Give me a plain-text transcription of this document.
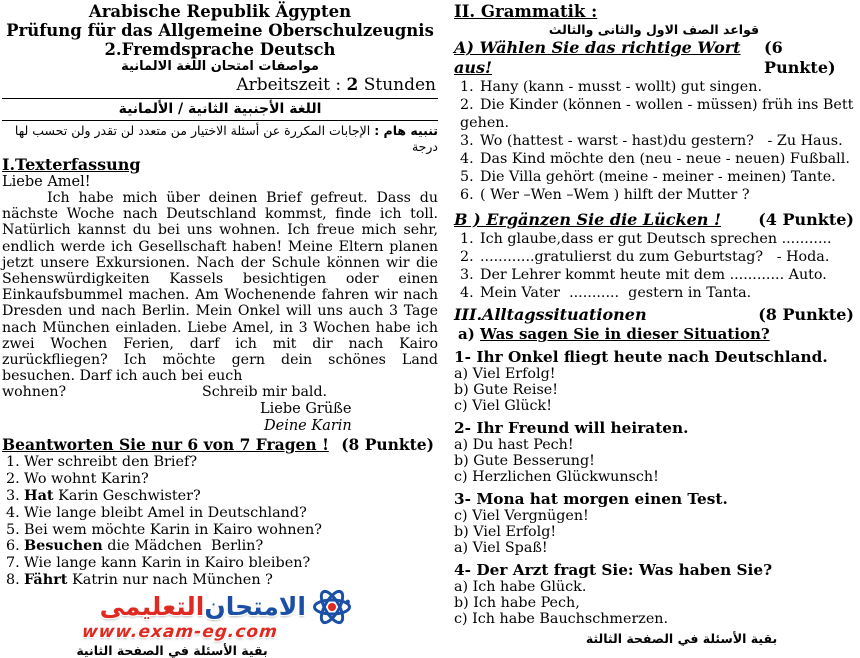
Arabische Republik Ägypten
Prüfung für das Allgemeine Oberschulzeugnis
2.Fremdsprache Deutsch
مواصفات امتحان اللغة الالمانية
Arbeitszeit : 2 Stunden
اللغة الأجنبية الثانية / الألمانية
تنبيه هام : الإجابات المكررة عن أسئلة الاختيار من متعدد لن تقدر ولن تحسب لها درجة
I.Texterfassung
Liebe Amel!
Ich habe mich über deinen Brief gefreut. Dass du nächste Woche nach Deutschland kommst, finde ich toll. Natürlich kannst du bei uns wohnen. Ich freue mich sehr, endlich werde ich Gesellschaft haben! Meine Eltern planen jetzt unsere Exkursionen. Nach der Schule können wir die Sehenswürdigkeiten Kassels besichtigen oder einen Einkaufsbummel machen. Am Wochenende fahren wir nach Dresden und nach Berlin. Mein Onkel will uns auch 3 Tage nach München einladen. Liebe Amel, in 3 Wochen habe ich zwei Wochen Ferien, darf ich mit dir nach Kairo zurückfliegen? Ich möchte gern dein schönes Land besuchen. Darf ich auch bei euch
wohnen?	Schreib mir bald.
Liebe Grüße
Deine Karin
Beantworten Sie nur 6 von 7 Fragen ! (8 Punkte)
1. Wer schreibt den Brief?
2. Wo wohnt Karin?
3. Hat Karin Geschwister?
4. Wie lange bleibt Amel in Deutschland?
5. Bei wem möchte Karin in Kairo wohnen?
6. Besuchen die Mädchen  Berlin?
7. Wie lange kann Karin in Kairo bleiben?
8. Fährt Katrin nur nach München ?
الامتحان
التعليمى
www.exam-eg.com
بقية الأسئلة في الصفحة الثانية
II. Grammatik :
قواعد الصف الاول والثانى والثالث
A) Wählen Sie das richtige Wort aus!
(6 Punkte)
1. Hany (kann - musst - wollt) gut singen.
2. Die Kinder (können - wollen - müssen) früh ins Bett gehen.
3. Wo (hattest - warst - hast)du gestern?   - Zu Haus.
4. Das Kind möchte den (neu - neue - neuen) Fußball.
5. Die Villa gehört (meine - meiner - meinen) Tante.
6. ( Wer –Wen –Wem ) hilft der Mutter ?
B ) Ergänzen Sie die Lücken ! (4 Punkte)
1. Ich glaube,dass er gut Deutsch sprechen ...........
2. ............gratulierst du zum Geburtstag?   - Hoda.
3. Der Lehrer kommt heute mit dem ............ Auto.
4. Mein Vater  ...........  gestern in Tanta.
III.Alltagssituationen	(8 Punkte)
a) Was sagen Sie in dieser Situation?
1- Ihr Onkel fliegt heute nach Deutschland.
a) Viel Erfolg!
b) Gute Reise!
c) Viel Glück!
2- Ihr Freund will heiraten.
a) Du hast Pech!
b) Gute Besserung!
c) Herzlichen Glückwunsch!
3- Mona hat morgen einen Test.
c) Viel Vergnügen!
b) Viel Erfolg!
a) Viel Spaß!
4- Der Arzt fragt Sie: Was haben Sie?
a) Ich habe Glück.
b) Ich habe Pech,
c) Ich habe Bauchschmerzen.
بقية الأسئلة في الصفحة الثالثة
